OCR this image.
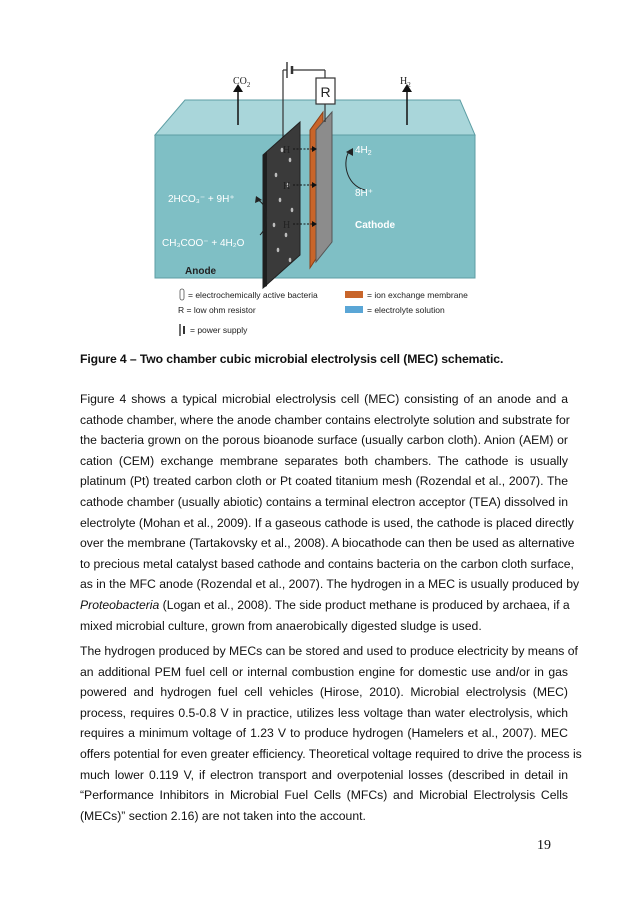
R
$CO_2$	$H_2$
H
H
H
$4H_2$
8H⁺
Cathode
2HCO₃⁻ + 9H⁺
CH₃COO⁻ + 4H₂O
Anode
= electrochemically active bacteria
R = low ohm resistor
= power supply
= ion exchange membrane
= electrolyte solution
Figure 4 – Two chamber cubic microbial electrolysis cell (MEC) schematic.
Figure 4 shows a typical microbial electrolysis cell (MEC) consisting of an anode and a
cathode chamber, where the anode chamber contains electrolyte solution and substrate for
the bacteria grown on the porous bioanode surface (usually carbon cloth). Anion (AEM) or
cation (CEM) exchange membrane separates both chambers. The cathode is usually
platinum (Pt) treated carbon cloth or Pt coated titanium mesh (Rozendal et al., 2007). The
cathode chamber (usually abiotic) contains a terminal electron acceptor (TEA) dissolved in
electrolyte (Mohan et al., 2009). If a gaseous cathode is used, the cathode is placed directly
over the membrane (Tartakovsky et al., 2008). A biocathode can then be used as alternative
to precious metal catalyst based cathode and contains bacteria on the carbon cloth surface,
as in the MFC anode (Rozendal et al., 2007). The hydrogen in a MEC is usually produced by
Proteobacteria (Logan et al., 2008). The side product methane is produced by archaea, if a
mixed microbial culture, grown from anaerobically digested sludge is used.
The hydrogen produced by MECs can be stored and used to produce electricity by means of
an additional PEM fuel cell or internal combustion engine for domestic use and/or in gas
powered and hydrogen fuel cell vehicles (Hirose, 2010). Microbial electrolysis (MEC)
process, requires 0.5-0.8 V in practice, utilizes less voltage than water electrolysis, which
requires a minimum voltage of 1.23 V to produce hydrogen (Hamelers et al., 2007). MEC
offers potential for even greater efficiency. Theoretical voltage required to drive the process is
much lower 0.119 V, if electron transport and overpotenial losses (described in detail in
“Performance Inhibitors in Microbial Fuel Cells (MFCs) and Microbial Electrolysis Cells
(MECs)” section 2.16) are not taken into the account.
19
